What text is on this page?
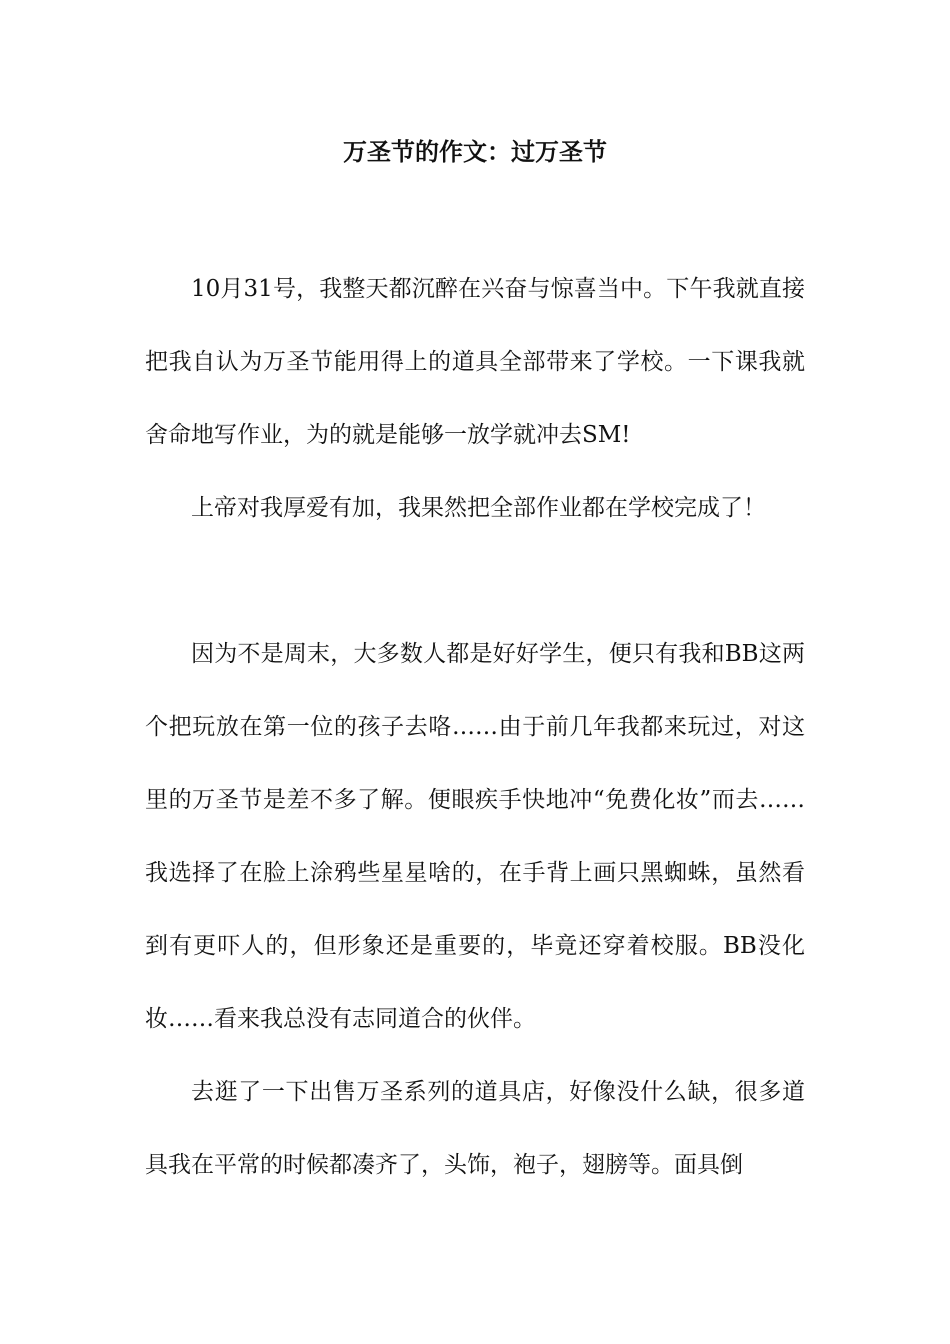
万圣节的作文：过万圣节

10月31号，我整天都沉醉在兴奋与惊喜当中。下午我就直接把我自认为万圣节能用得上的道具全部带来了学校。一下课我就舍命地写作业，为的就是能够一放学就冲去SM!

上帝对我厚爱有加，我果然把全部作业都在学校完成了！

因为不是周末，大多数人都是好好学生，便只有我和BB这两个把玩放在第一位的孩子去咯……由于前几年我都来玩过，对这里的万圣节是差不多了解。便眼疾手快地冲“免费化妆”而去……我选择了在脸上涂鸦些星星啥的，在手背上画只黑蜘蛛，虽然看到有更吓人的，但形象还是重要的，毕竟还穿着校服。BB没化妆……看来我总没有志同道合的伙伴。

去逛了一下出售万圣系列的道具店，好像没什么缺，很多道具我在平常的时候都凑齐了，头饰，袍子，翅膀等。面具倒
